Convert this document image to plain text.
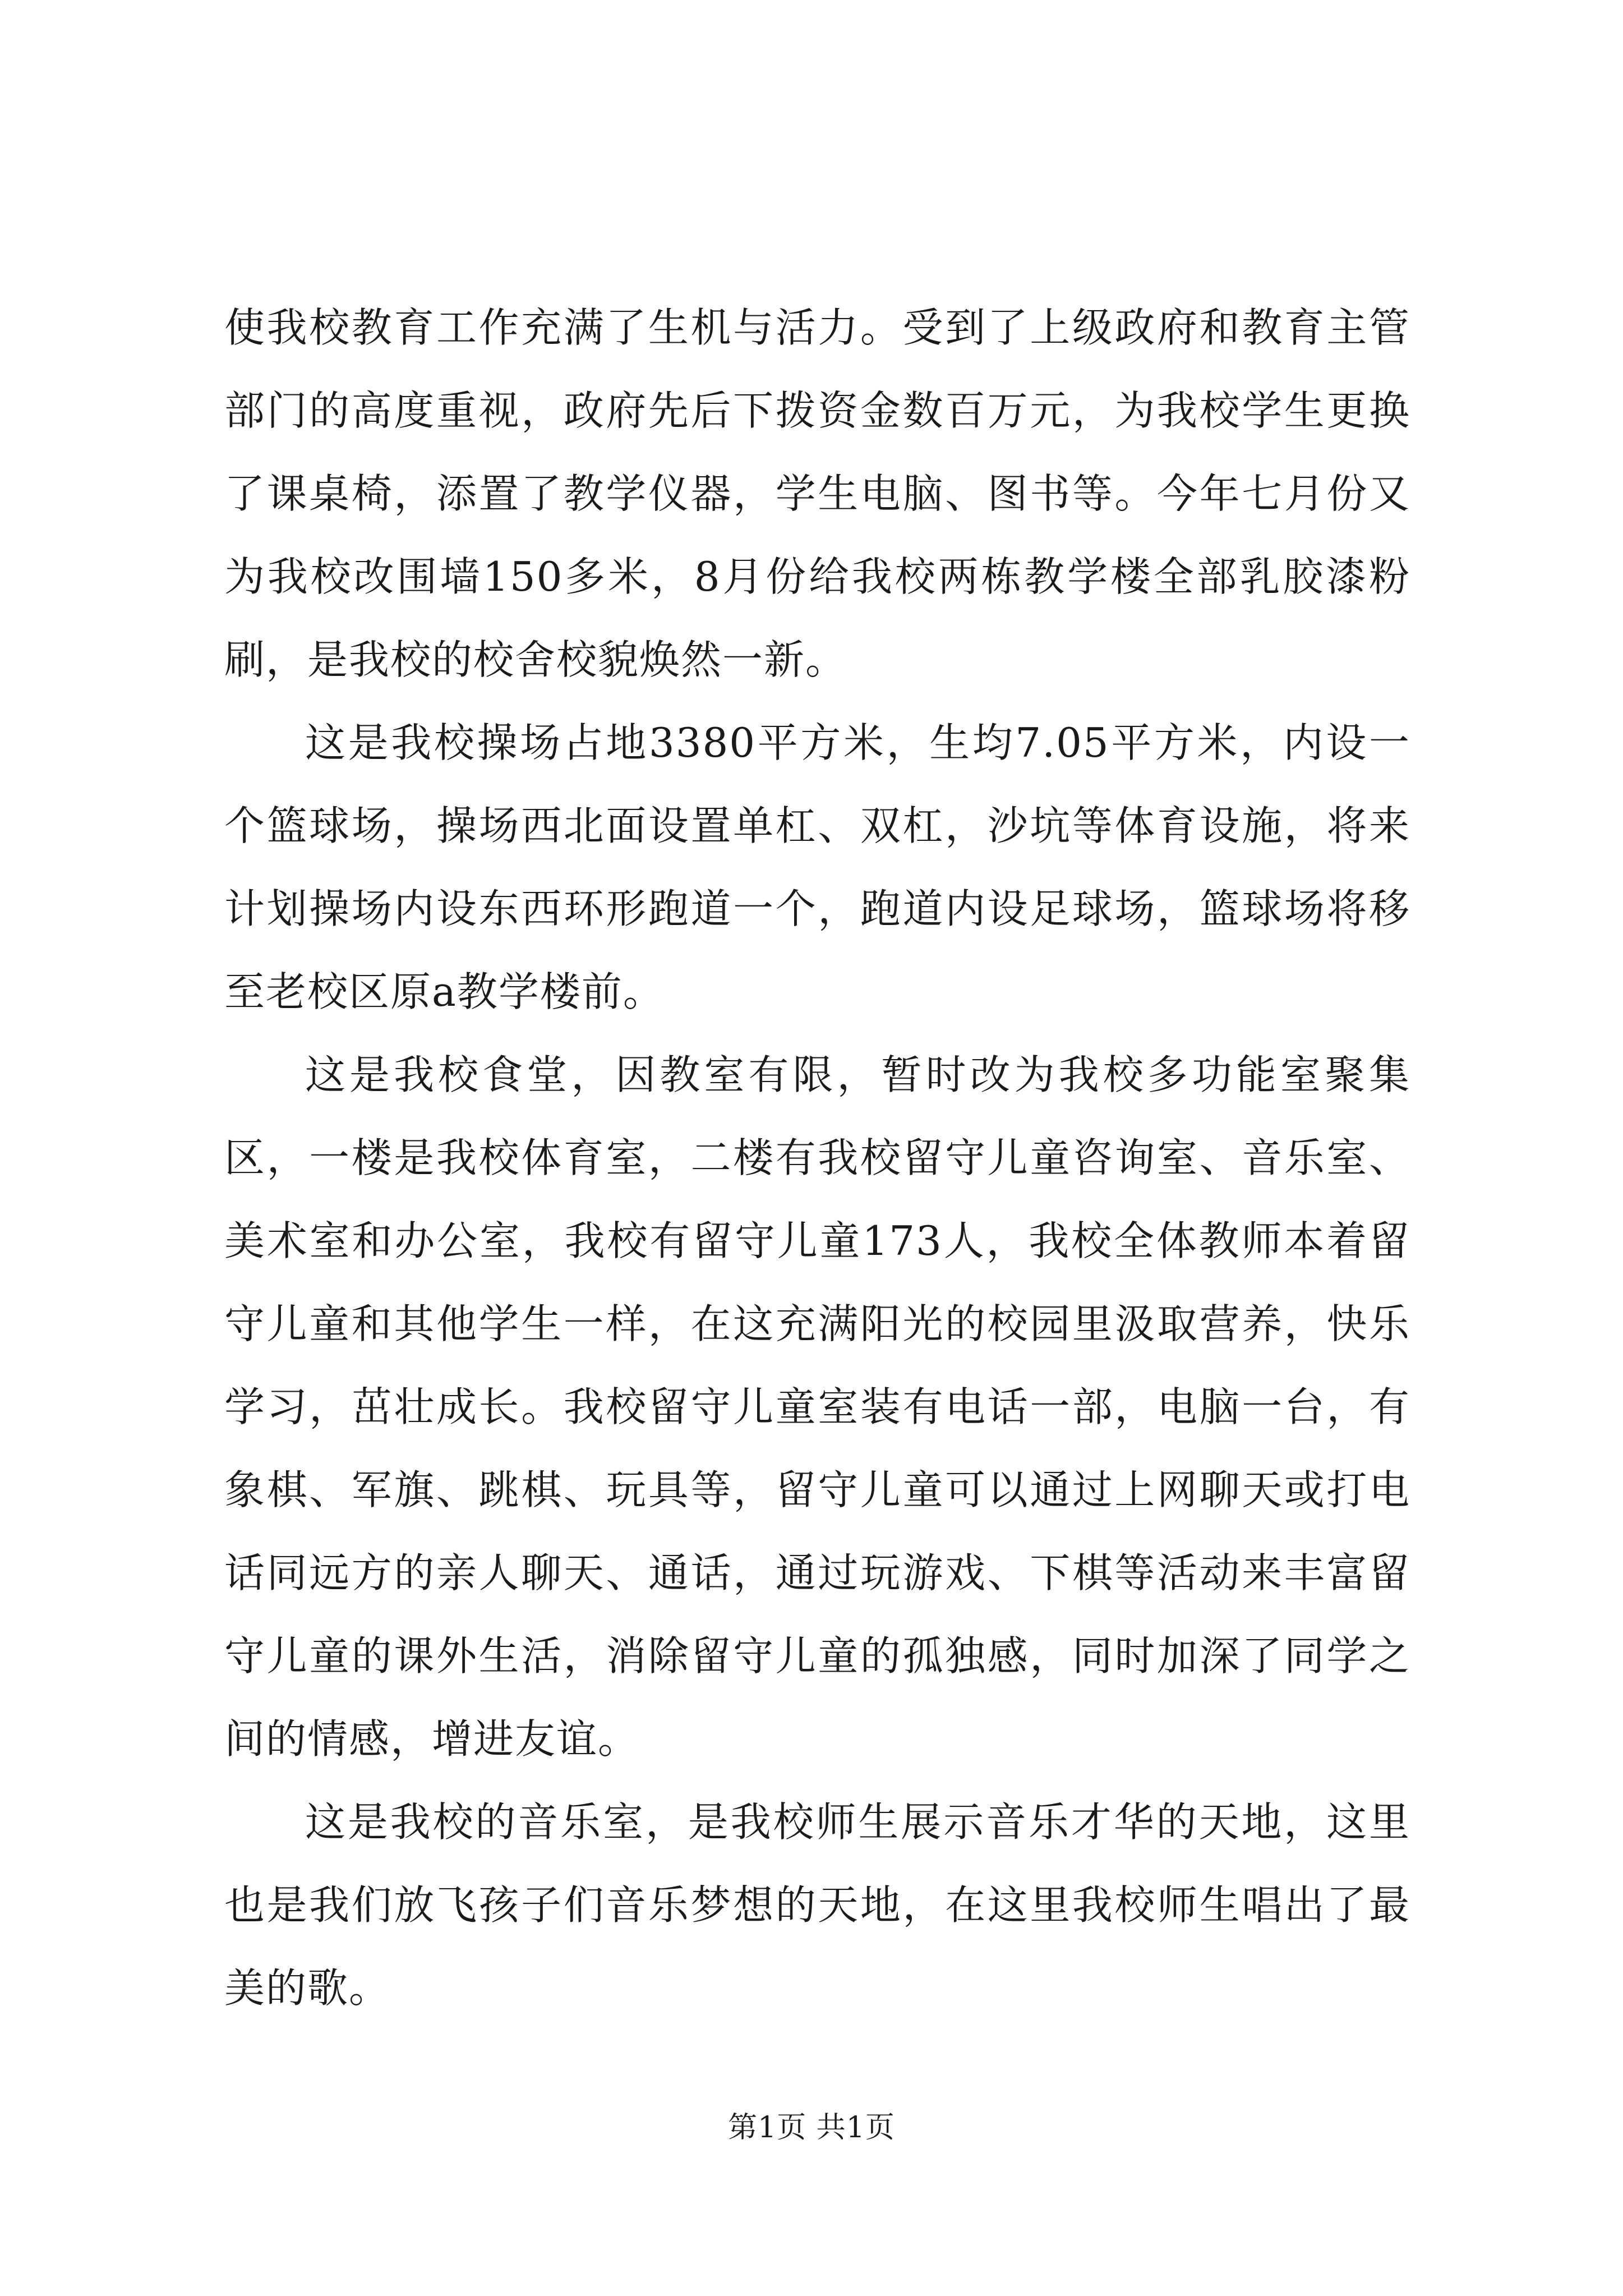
使我校教育工作充满了生机与活力。受到了上级政府和教育主管部门的高度重视，政府先后下拨资金数百万元，为我校学生更换了课桌椅，添置了教学仪器，学生电脑、图书等。今年七月份又为我校改围墙150多米，8月份给我校两栋教学楼全部乳胶漆粉刷，是我校的校舍校貌焕然一新。

这是我校操场占地3380平方米，生均7.05平方米，内设一个篮球场，操场西北面设置单杠、双杠，沙坑等体育设施，将来计划操场内设东西环形跑道一个，跑道内设足球场，篮球场将移至老校区原a教学楼前。

这是我校食堂，因教室有限，暂时改为我校多功能室聚集区，一楼是我校体育室，二楼有我校留守儿童咨询室、音乐室、美术室和办公室，我校有留守儿童173人，我校全体教师本着留守儿童和其他学生一样，在这充满阳光的校园里汲取营养，快乐学习，茁壮成长。我校留守儿童室装有电话一部，电脑一台，有象棋、军旗、跳棋、玩具等，留守儿童可以通过上网聊天或打电话同远方的亲人聊天、通话，通过玩游戏、下棋等活动来丰富留守儿童的课外生活，消除留守儿童的孤独感，同时加深了同学之间的情感，增进友谊。

这是我校的音乐室，是我校师生展示音乐才华的天地，这里也是我们放飞孩子们音乐梦想的天地，在这里我校师生唱出了最美的歌。

第1页 共1页
